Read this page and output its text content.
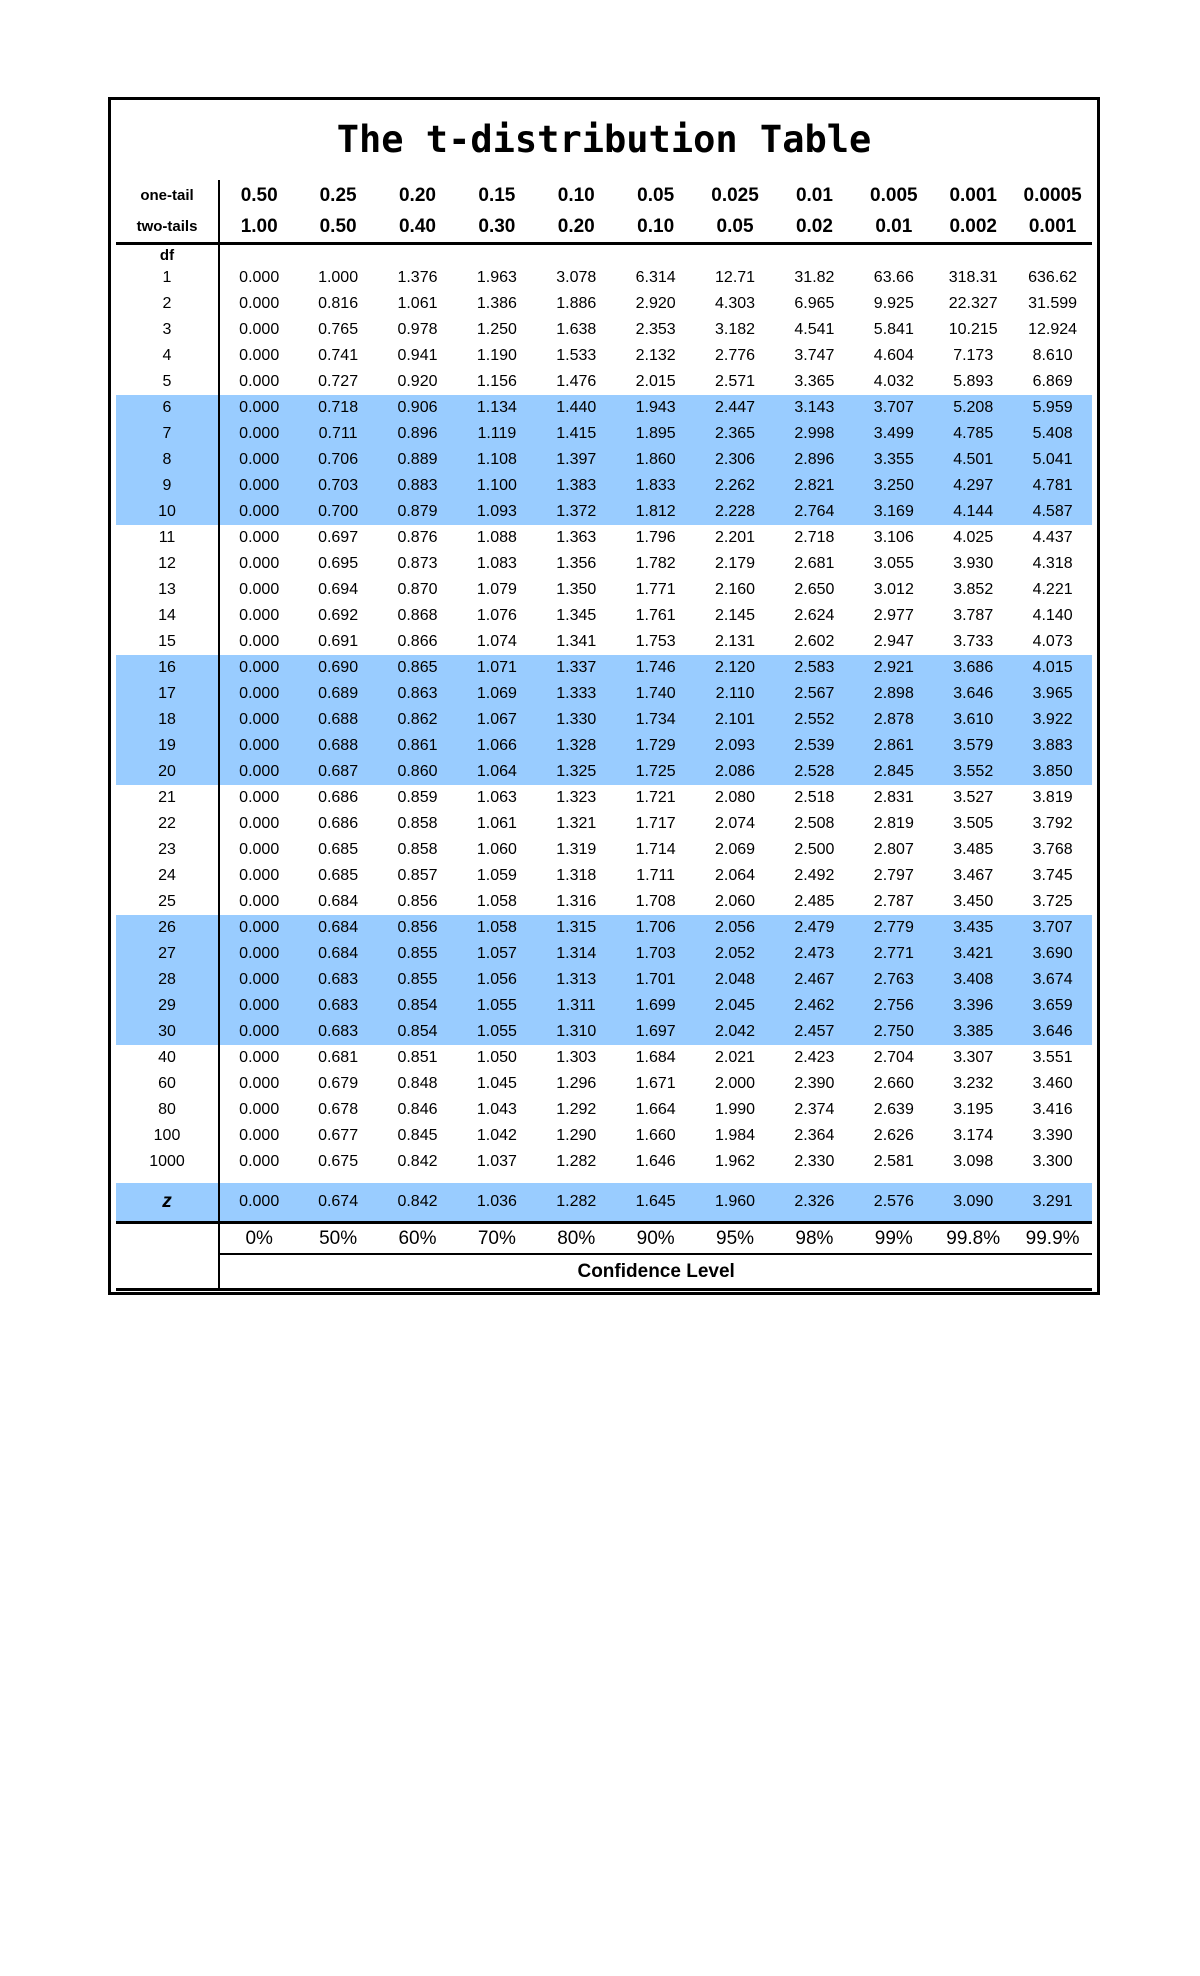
The t-distribution Table
one-tail	0.50	0.25	0.20	0.15	0.10	0.05	0.025	0.01	0.005	0.001	0.0005
two-tails	1.00	0.50	0.40	0.30	0.20	0.10	0.05	0.02	0.01	0.002	0.001
df											
1	0.000	1.000	1.376	1.963	3.078	6.314	12.71	31.82	63.66	318.31	636.62
2	0.000	0.816	1.061	1.386	1.886	2.920	4.303	6.965	9.925	22.327	31.599
3	0.000	0.765	0.978	1.250	1.638	2.353	3.182	4.541	5.841	10.215	12.924
4	0.000	0.741	0.941	1.190	1.533	2.132	2.776	3.747	4.604	7.173	8.610
5	0.000	0.727	0.920	1.156	1.476	2.015	2.571	3.365	4.032	5.893	6.869
6	0.000	0.718	0.906	1.134	1.440	1.943	2.447	3.143	3.707	5.208	5.959
7	0.000	0.711	0.896	1.119	1.415	1.895	2.365	2.998	3.499	4.785	5.408
8	0.000	0.706	0.889	1.108	1.397	1.860	2.306	2.896	3.355	4.501	5.041
9	0.000	0.703	0.883	1.100	1.383	1.833	2.262	2.821	3.250	4.297	4.781
10	0.000	0.700	0.879	1.093	1.372	1.812	2.228	2.764	3.169	4.144	4.587
11	0.000	0.697	0.876	1.088	1.363	1.796	2.201	2.718	3.106	4.025	4.437
12	0.000	0.695	0.873	1.083	1.356	1.782	2.179	2.681	3.055	3.930	4.318
13	0.000	0.694	0.870	1.079	1.350	1.771	2.160	2.650	3.012	3.852	4.221
14	0.000	0.692	0.868	1.076	1.345	1.761	2.145	2.624	2.977	3.787	4.140
15	0.000	0.691	0.866	1.074	1.341	1.753	2.131	2.602	2.947	3.733	4.073
16	0.000	0.690	0.865	1.071	1.337	1.746	2.120	2.583	2.921	3.686	4.015
17	0.000	0.689	0.863	1.069	1.333	1.740	2.110	2.567	2.898	3.646	3.965
18	0.000	0.688	0.862	1.067	1.330	1.734	2.101	2.552	2.878	3.610	3.922
19	0.000	0.688	0.861	1.066	1.328	1.729	2.093	2.539	2.861	3.579	3.883
20	0.000	0.687	0.860	1.064	1.325	1.725	2.086	2.528	2.845	3.552	3.850
21	0.000	0.686	0.859	1.063	1.323	1.721	2.080	2.518	2.831	3.527	3.819
22	0.000	0.686	0.858	1.061	1.321	1.717	2.074	2.508	2.819	3.505	3.792
23	0.000	0.685	0.858	1.060	1.319	1.714	2.069	2.500	2.807	3.485	3.768
24	0.000	0.685	0.857	1.059	1.318	1.711	2.064	2.492	2.797	3.467	3.745
25	0.000	0.684	0.856	1.058	1.316	1.708	2.060	2.485	2.787	3.450	3.725
26	0.000	0.684	0.856	1.058	1.315	1.706	2.056	2.479	2.779	3.435	3.707
27	0.000	0.684	0.855	1.057	1.314	1.703	2.052	2.473	2.771	3.421	3.690
28	0.000	0.683	0.855	1.056	1.313	1.701	2.048	2.467	2.763	3.408	3.674
29	0.000	0.683	0.854	1.055	1.311	1.699	2.045	2.462	2.756	3.396	3.659
30	0.000	0.683	0.854	1.055	1.310	1.697	2.042	2.457	2.750	3.385	3.646
40	0.000	0.681	0.851	1.050	1.303	1.684	2.021	2.423	2.704	3.307	3.551
60	0.000	0.679	0.848	1.045	1.296	1.671	2.000	2.390	2.660	3.232	3.460
80	0.000	0.678	0.846	1.043	1.292	1.664	1.990	2.374	2.639	3.195	3.416
100	0.000	0.677	0.845	1.042	1.290	1.660	1.984	2.364	2.626	3.174	3.390
1000	0.000	0.675	0.842	1.037	1.282	1.646	1.962	2.330	2.581	3.098	3.300

z	0.000	0.674	0.842	1.036	1.282	1.645	1.960	2.326	2.576	3.090	3.291
	0%	50%	60%	70%	80%	90%	95%	98%	99%	99.8%	99.9%
	Confidence Level										
